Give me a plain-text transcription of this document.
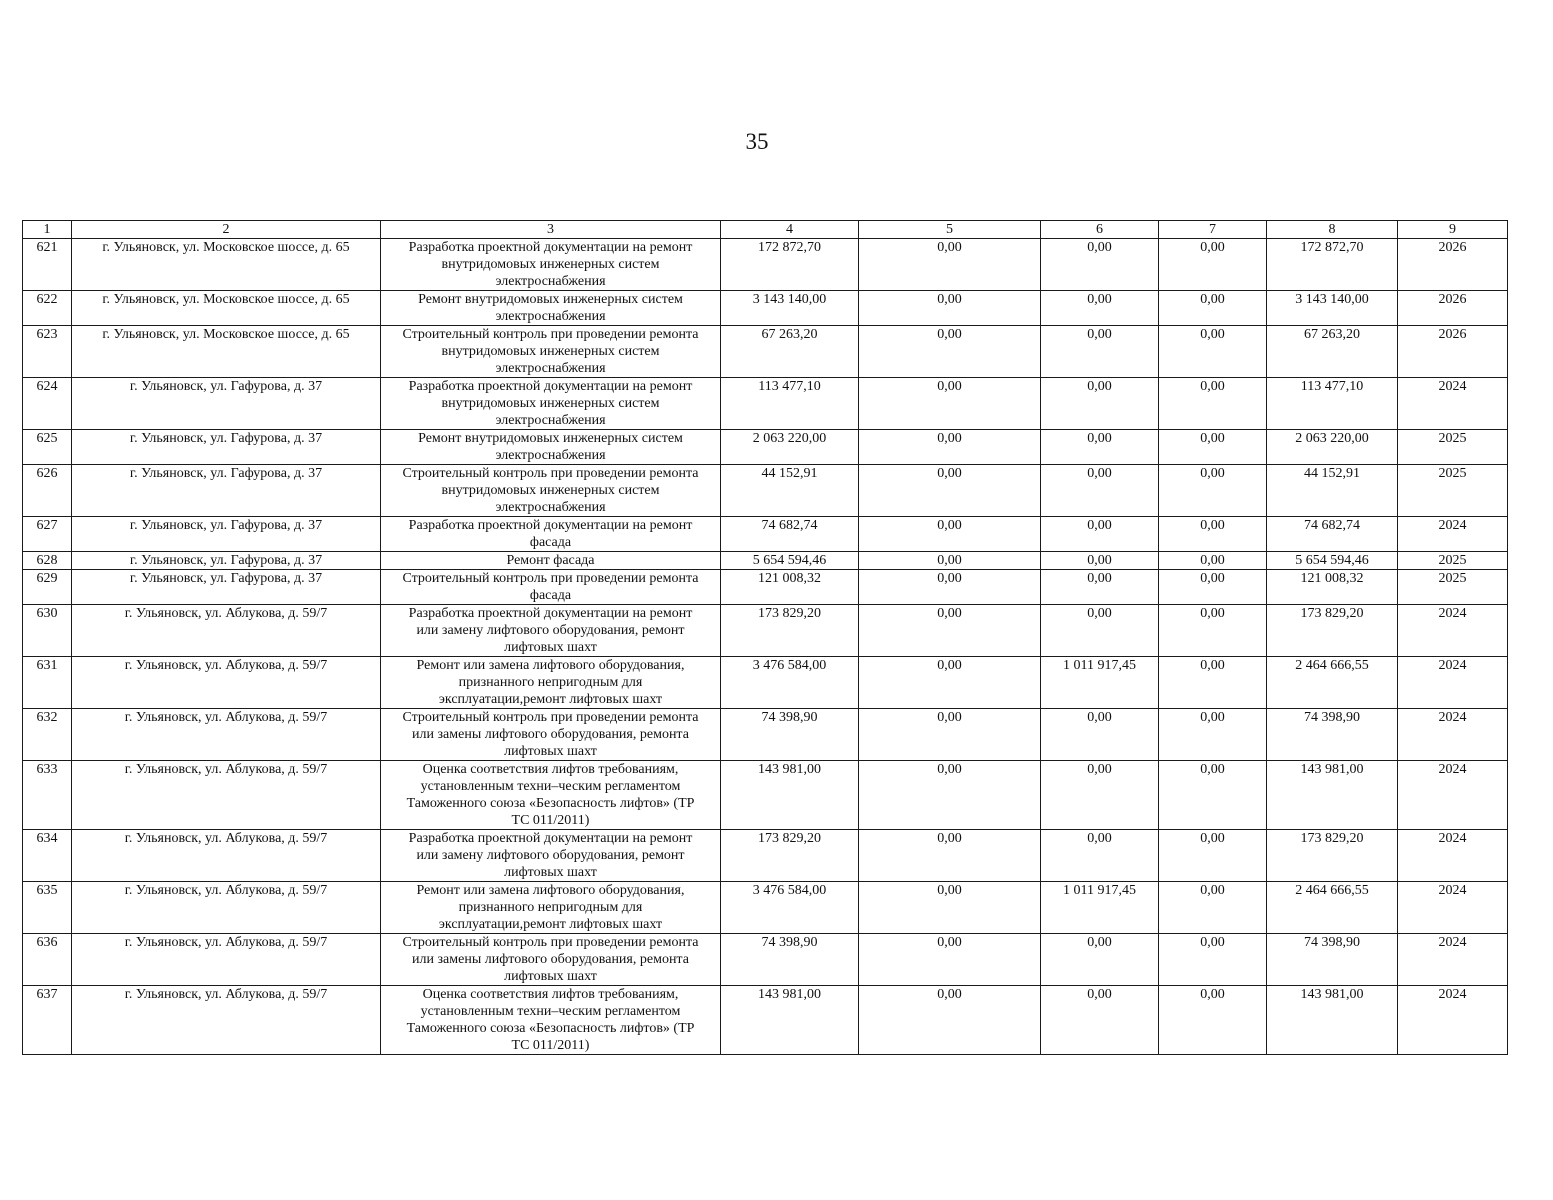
35
1	2	3	4	5	6	7	8	9
621	г. Ульяновск, ул. Московское шоссе, д. 65	Разработка проектной документации на ремонт
внутридомовых инженерных систем
электроснабжения	172 872,70	0,00	0,00	0,00	172 872,70	2026
622	г. Ульяновск, ул. Московское шоссе, д. 65	Ремонт внутридомовых инженерных систем
электроснабжения	3 143 140,00	0,00	0,00	0,00	3 143 140,00	2026
623	г. Ульяновск, ул. Московское шоссе, д. 65	Строительный контроль при проведении ремонта
внутридомовых инженерных систем
электроснабжения	67 263,20	0,00	0,00	0,00	67 263,20	2026
624	г. Ульяновск, ул. Гафурова, д. 37	Разработка проектной документации на ремонт
внутридомовых инженерных систем
электроснабжения	113 477,10	0,00	0,00	0,00	113 477,10	2024
625	г. Ульяновск, ул. Гафурова, д. 37	Ремонт внутридомовых инженерных систем
электроснабжения	2 063 220,00	0,00	0,00	0,00	2 063 220,00	2025
626	г. Ульяновск, ул. Гафурова, д. 37	Строительный контроль при проведении ремонта
внутридомовых инженерных систем
электроснабжения	44 152,91	0,00	0,00	0,00	44 152,91	2025
627	г. Ульяновск, ул. Гафурова, д. 37	Разработка проектной документации на ремонт
фасада	74 682,74	0,00	0,00	0,00	74 682,74	2024
628	г. Ульяновск, ул. Гафурова, д. 37	Ремонт фасада	5 654 594,46	0,00	0,00	0,00	5 654 594,46	2025
629	г. Ульяновск, ул. Гафурова, д. 37	Строительный контроль при проведении ремонта
фасада	121 008,32	0,00	0,00	0,00	121 008,32	2025
630	г. Ульяновск, ул. Аблукова, д. 59/7	Разработка проектной документации на ремонт
или замену лифтового оборудования, ремонт
лифтовых шахт	173 829,20	0,00	0,00	0,00	173 829,20	2024
631	г. Ульяновск, ул. Аблукова, д. 59/7	Ремонт или замена лифтового оборудования,
признанного непригодным для
эксплуатации,ремонт лифтовых шахт	3 476 584,00	0,00	1 011 917,45	0,00	2 464 666,55	2024
632	г. Ульяновск, ул. Аблукова, д. 59/7	Строительный контроль при проведении ремонта
или замены лифтового оборудования, ремонта
лифтовых шахт	74 398,90	0,00	0,00	0,00	74 398,90	2024
633	г. Ульяновск, ул. Аблукова, д. 59/7	Оценка соответствия лифтов требованиям,
установленным техни–ческим регламентом
Таможенного союза «Безопасность лифтов» (ТР
ТС 011/2011)	143 981,00	0,00	0,00	0,00	143 981,00	2024
634	г. Ульяновск, ул. Аблукова, д. 59/7	Разработка проектной документации на ремонт
или замену лифтового оборудования, ремонт
лифтовых шахт	173 829,20	0,00	0,00	0,00	173 829,20	2024
635	г. Ульяновск, ул. Аблукова, д. 59/7	Ремонт или замена лифтового оборудования,
признанного непригодным для
эксплуатации,ремонт лифтовых шахт	3 476 584,00	0,00	1 011 917,45	0,00	2 464 666,55	2024
636	г. Ульяновск, ул. Аблукова, д. 59/7	Строительный контроль при проведении ремонта
или замены лифтового оборудования, ремонта
лифтовых шахт	74 398,90	0,00	0,00	0,00	74 398,90	2024
637	г. Ульяновск, ул. Аблукова, д. 59/7	Оценка соответствия лифтов требованиям,
установленным техни–ческим регламентом
Таможенного союза «Безопасность лифтов» (ТР
ТС 011/2011)	143 981,00	0,00	0,00	0,00	143 981,00	2024
